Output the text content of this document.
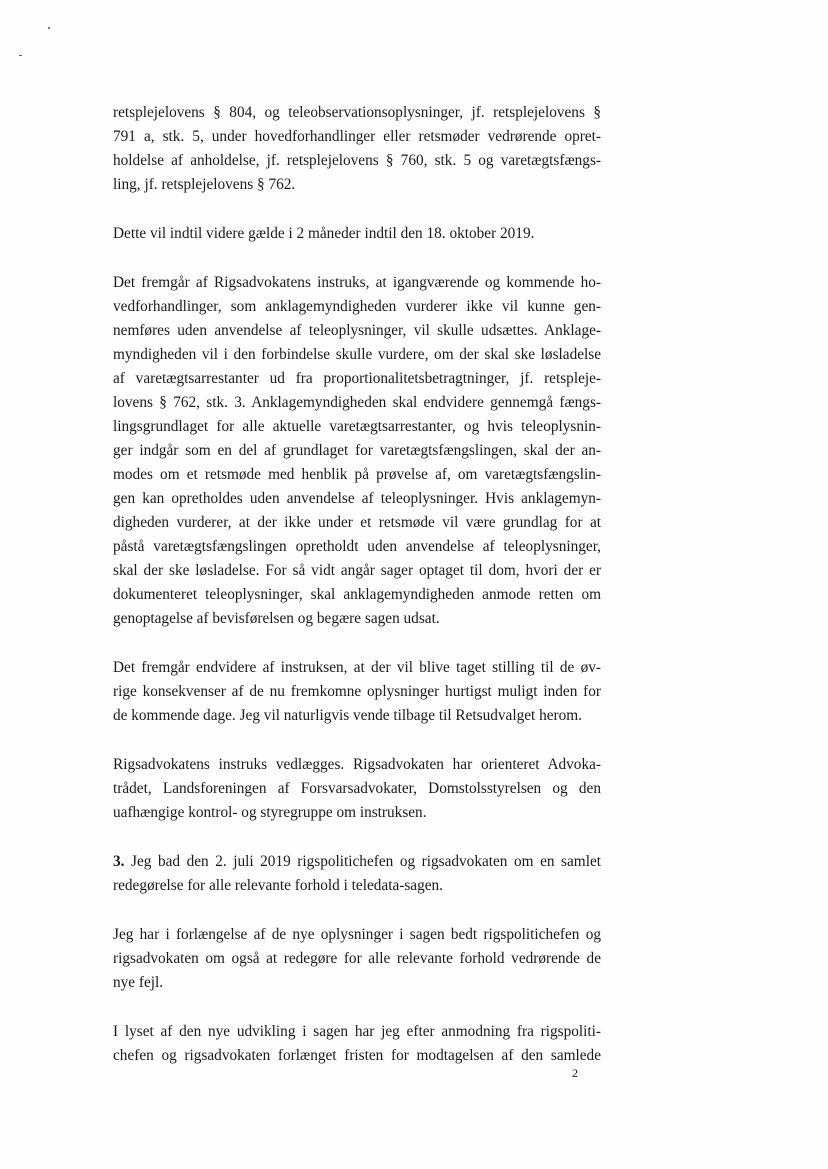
retsplejelovens § 804, og teleobservationsoplysninger, jf. retsplejelovens §
791 a, stk. 5, under hovedforhandlinger eller retsmøder vedrørende opret-
holdelse af anholdelse, jf. retsplejelovens § 760, stk. 5 og varetægtsfængs-
ling, jf. retsplejelovens § 762.

Dette vil indtil videre gælde i 2 måneder indtil den 18. oktober 2019.

Det fremgår af Rigsadvokatens instruks, at igangværende og kommende ho-
vedforhandlinger, som anklagemyndigheden vurderer ikke vil kunne gen-
nemføres uden anvendelse af teleoplysninger, vil skulle udsættes. Anklage-
myndigheden vil i den forbindelse skulle vurdere, om der skal ske løsladelse
af varetægtsarrestanter ud fra proportionalitetsbetragtninger, jf. retspleje-
lovens § 762, stk. 3. Anklagemyndigheden skal endvidere gennemgå fængs-
lingsgrundlaget for alle aktuelle varetægtsarrestanter, og hvis teleoplysnin-
ger indgår som en del af grundlaget for varetægtsfængslingen, skal der an-
modes om et retsmøde med henblik på prøvelse af, om varetægtsfængslin-
gen kan opretholdes uden anvendelse af teleoplysninger. Hvis anklagemyn-
digheden vurderer, at der ikke under et retsmøde vil være grundlag for at
påstå varetægtsfængslingen opretholdt uden anvendelse af teleoplysninger,
skal der ske løsladelse. For så vidt angår sager optaget til dom, hvori der er
dokumenteret teleoplysninger, skal anklagemyndigheden anmode retten om
genoptagelse af bevisførelsen og begære sagen udsat.

Det fremgår endvidere af instruksen, at der vil blive taget stilling til de øv-
rige konsekvenser af de nu fremkomne oplysninger hurtigst muligt inden for
de kommende dage. Jeg vil naturligvis vende tilbage til Retsudvalget herom.

Rigsadvokatens instruks vedlægges. Rigsadvokaten har orienteret Advoka-
trådet, Landsforeningen af Forsvarsadvokater, Domstolsstyrelsen og den
uafhængige kontrol- og styregruppe om instruksen.

3. Jeg bad den 2. juli 2019 rigspolitichefen og rigsadvokaten om en samlet
redegørelse for alle relevante forhold i teledata-sagen.

Jeg har i forlængelse af de nye oplysninger i sagen bedt rigspolitichefen og
rigsadvokaten om også at redegøre for alle relevante forhold vedrørende de
nye fejl.

I lyset af den nye udvikling i sagen har jeg efter anmodning fra rigspoliti-
chefen og rigsadvokaten forlænget fristen for modtagelsen af den samlede

2
